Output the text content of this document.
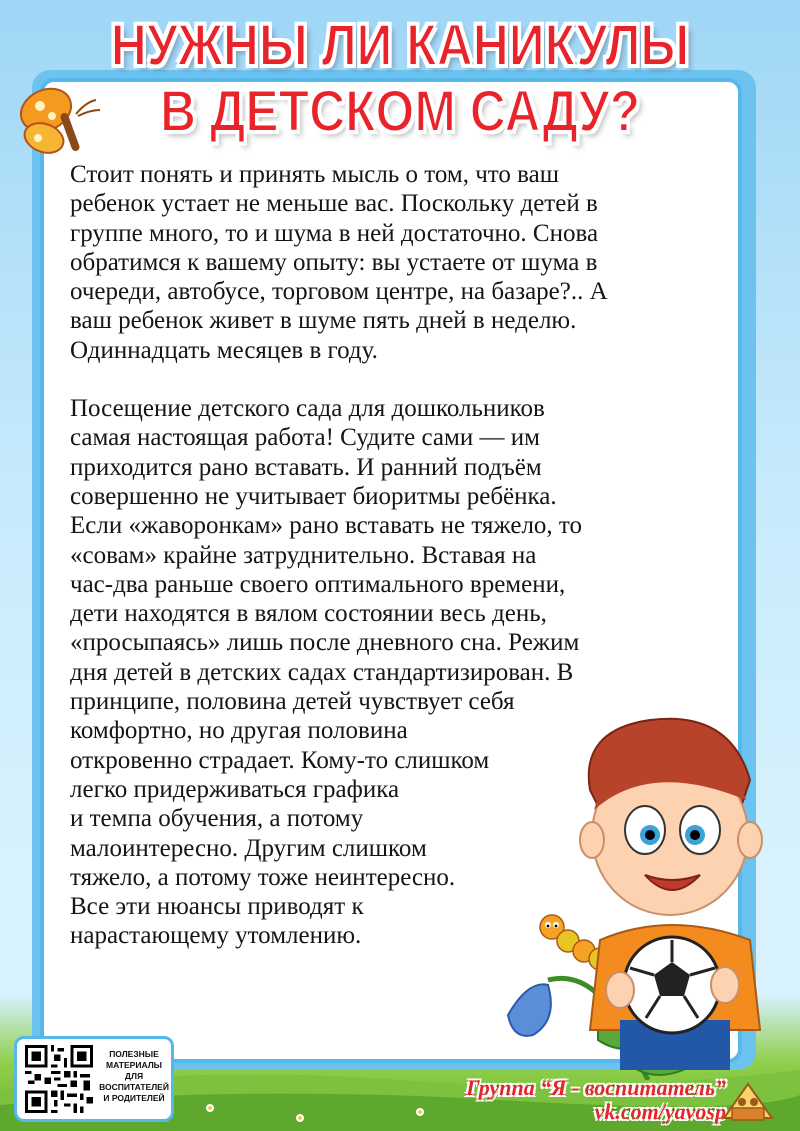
НУЖНЫ ЛИ КАНИКУЛЫ
В ДЕТСКОМ САДУ?
Стоит понять и принять мысль о том, что ваш
ребенок устает не меньше вас. Поскольку детей в
группе много, то и шума в ней достаточно. Снова
обратимся к вашему опыту: вы устаете от шума в
очереди, автобусе, торговом центре, на базаре?.. А
ваш ребенок живет в шуме пять дней в неделю.
Одиннадцать месяцев в году.
Посещение детского сада для дошкольников
самая настоящая работа! Судите сами — им
приходится рано вставать. И ранний подъём
совершенно не учитывает биоритмы ребёнка.
Если «жаворонкам» рано вставать не тяжело, то
«совам» крайне затруднительно. Вставая на
час-два раньше своего оптимального времени,
дети находятся в вялом состоянии весь день,
«просыпаясь» лишь после дневного сна. Режим
дня детей в детских садах стандартизирован. В
принципе, половина детей чувствует себя
комфортно, но другая половина
откровенно страдает. Кому-то слишком
легко придерживаться графика
и темпа обучения, а потому
малоинтересно. Другим слишком
тяжело, а потому тоже неинтересно.
Все эти нюансы приводят к
нарастающему утомлению.
ПОЛЕЗНЫЕ
МАТЕРИАЛЫ
ДЛЯ
ВОСПИТАТЕЛЕЙ
И РОДИТЕЛЕЙ	Группа “Я - воспитатель”
vk.com/yavosp
